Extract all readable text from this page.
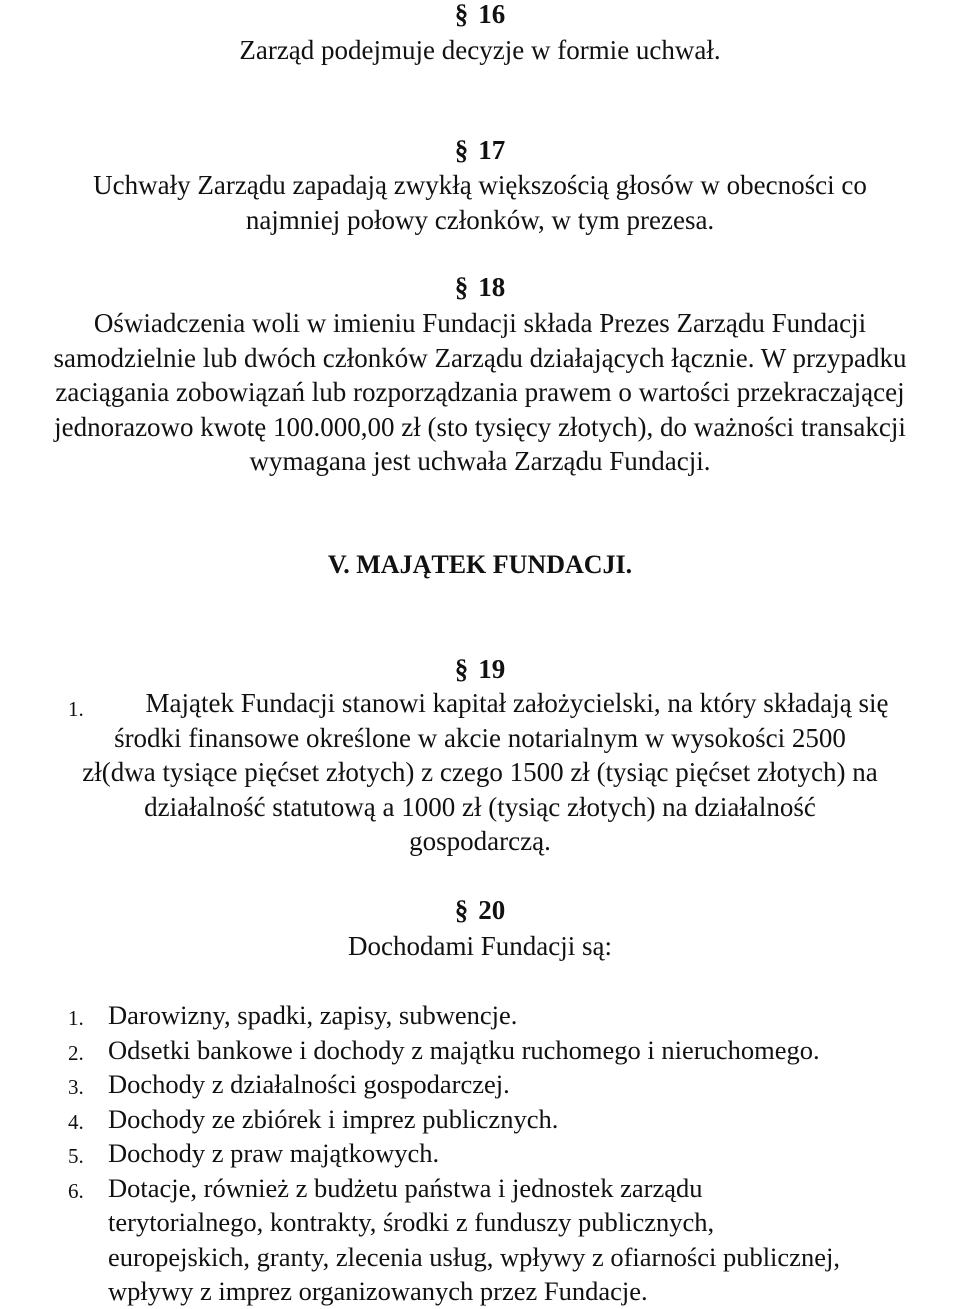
§ 16
Zarząd podejmuje decyzje w formie uchwał.
§ 17
Uchwały Zarządu zapadają zwykłą większością głosów w obecności co
najmniej połowy członków, w tym prezesa.
§ 18
Oświadczenia woli w imieniu Fundacji składa Prezes Zarządu Fundacji
samodzielnie lub dwóch członków Zarządu działających łącznie. W przypadku
zaciągania zobowiązań lub rozporządzania prawem o wartości przekraczającej
jednorazowo kwotę 100.000,00 zł (sto tysięcy złotych), do ważności transakcji
wymagana jest uchwała Zarządu Fundacji.
V. MAJĄTEK FUNDACJI.
§ 19
1.	Majątek Fundacji stanowi kapitał założycielski, na który składają się
środki finansowe określone w akcie notarialnym w wysokości 2500
zł(dwa tysiące pięćset złotych) z czego 1500 zł (tysiąc pięćset złotych) na
działalność statutową a 1000 zł (tysiąc złotych) na działalność
gospodarczą.
§ 20
Dochodami Fundacji są:
1. Darowizny, spadki, zapisy, subwencje.
2. Odsetki bankowe i dochody z majątku ruchomego i nieruchomego.
3. Dochody z działalności gospodarczej.
4. Dochody ze zbiórek i imprez publicznych.
5. Dochody z praw majątkowych.
6. Dotacje, również z budżetu państwa i jednostek zarządu
terytorialnego, kontrakty, środki z funduszy publicznych,
europejskich, granty, zlecenia usług, wpływy z ofiarności publicznej,
wpływy z imprez organizowanych przez Fundacje.
